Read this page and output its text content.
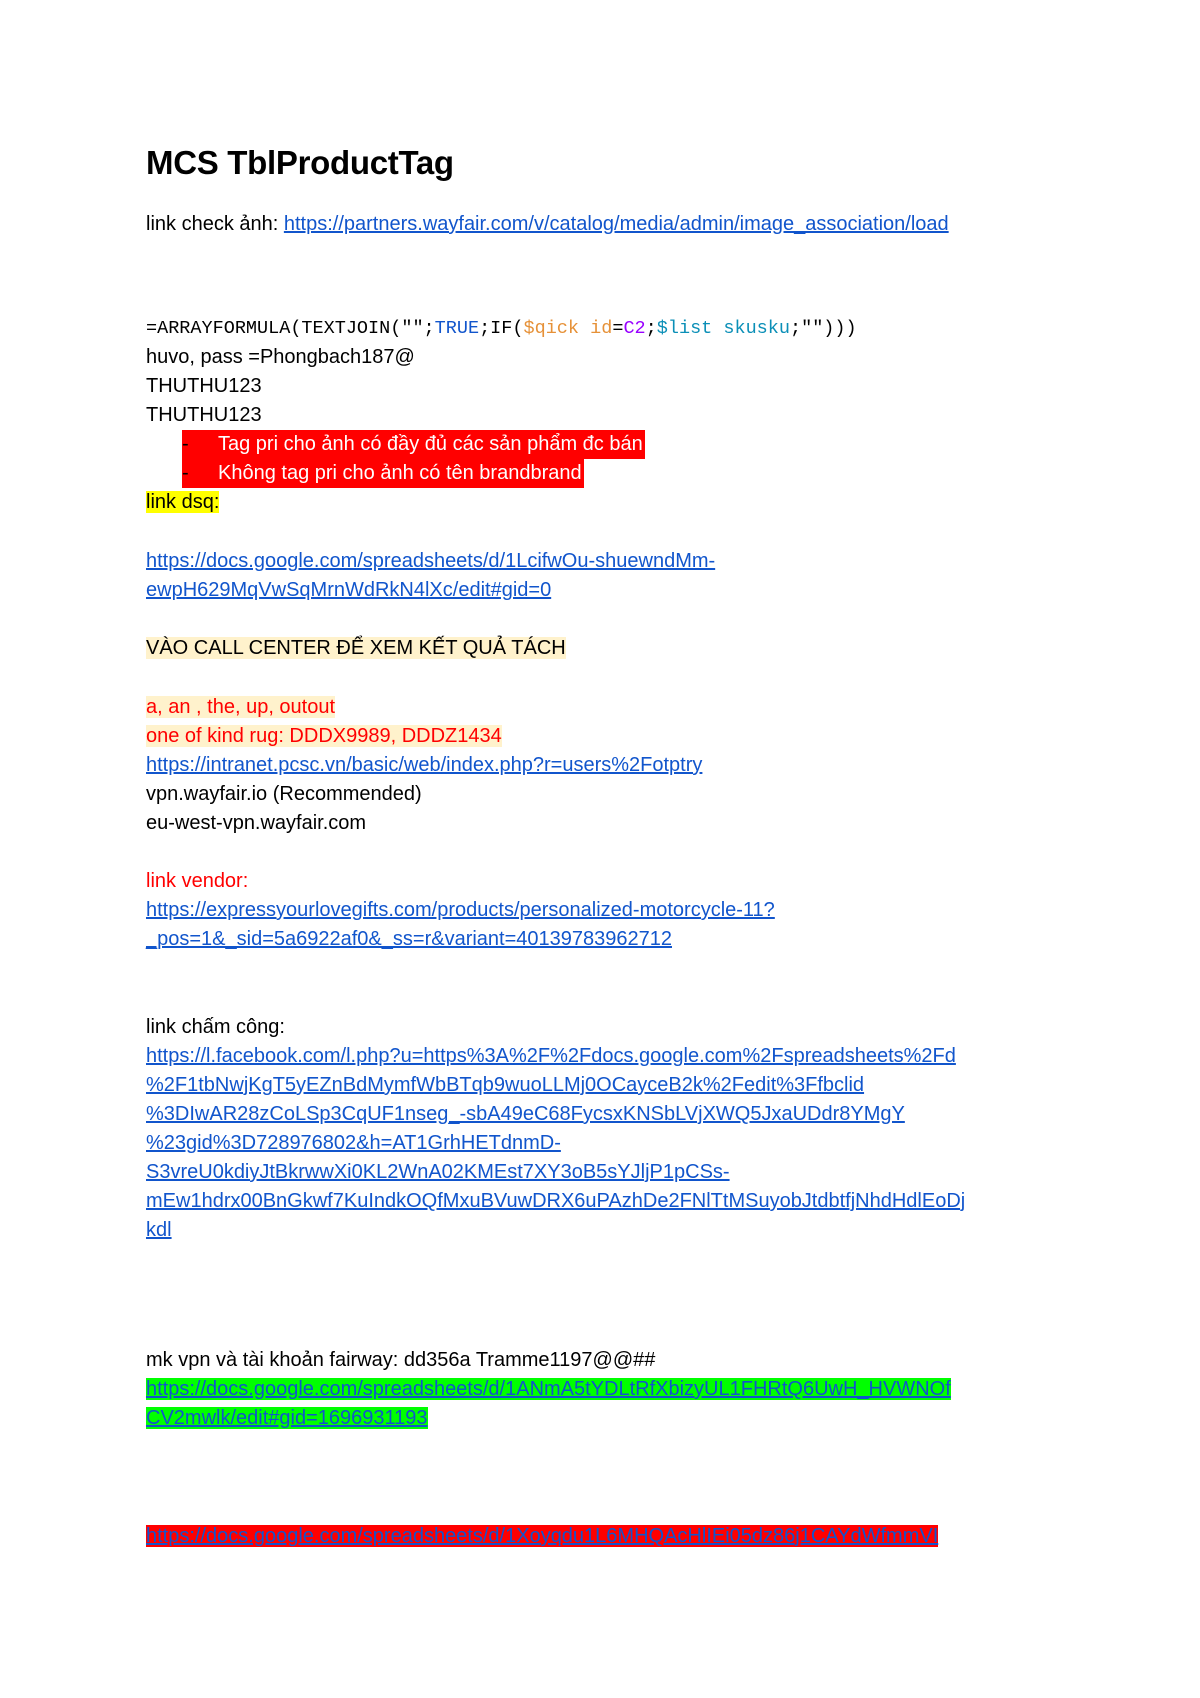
MCS TblProductTag
link check ảnh: https://partners.wayfair.com/v/catalog/media/admin/image_association/load
=ARRAYFORMULA(TEXTJOIN("";TRUE;IF($qick id=C2;$list skusku;"")))
huvo, pass =Phongbach187@
THUTHU123
THUTHU123
- Tag pri cho ảnh có đầy đủ các sản phẩm đc bán
- Không tag pri cho ảnh có tên brandbrand
link dsq:
https://docs.google.com/spreadsheets/d/1LcifwOu-shuewndMm-
ewpH629MqVwSqMrnWdRkN4lXc/edit#gid=0
VÀO CALL CENTER ĐỂ XEM KẾT QUẢ TÁCH
a, an , the, up, outout
one of kind rug: DDDX9989, DDDZ1434
https://intranet.pcsc.vn/basic/web/index.php?r=users%2Fotptry
vpn.wayfair.io (Recommended)
eu-west-vpn.wayfair.com
link vendor:
https://expressyourlovegifts.com/products/personalized-motorcycle-11?
_pos=1&_sid=5a6922af0&_ss=r&variant=40139783962712
link chấm công:
https://l.facebook.com/l.php?u=https%3A%2F%2Fdocs.google.com%2Fspreadsheets%2Fd
%2F1tbNwjKgT5yEZnBdMymfWbBTqb9wuoLLMj0OCayceB2k%2Fedit%3Ffbclid
%3DIwAR28zCoLSp3CqUF1nseg_-sbA49eC68FycsxKNSbLVjXWQ5JxaUDdr8YMgY
%23gid%3D728976802&h=AT1GrhHETdnmD-
S3vreU0kdiyJtBkrwwXi0KL2WnA02KMEst7XY3oB5sYJljP1pCSs-
mEw1hdrx00BnGkwf7KuIndkOQfMxuBVuwDRX6uPAzhDe2FNlTtMSuyobJtdbtfjNhdHdlEoDj
kdl
mk vpn và tài khoản fairway: dd356a Tramme1197@@##
https://docs.google.com/spreadsheets/d/1ANmA5tYDLtRfXbizyUL1FHRtQ6UwH_HVWNOf
CV2mwlk/edit#gid=1696931193
https://docs.google.com/spreadsheets/d/1Xoyqdu1L6MHQAcHlIEi05dz86j1CAYdWfmmVI
